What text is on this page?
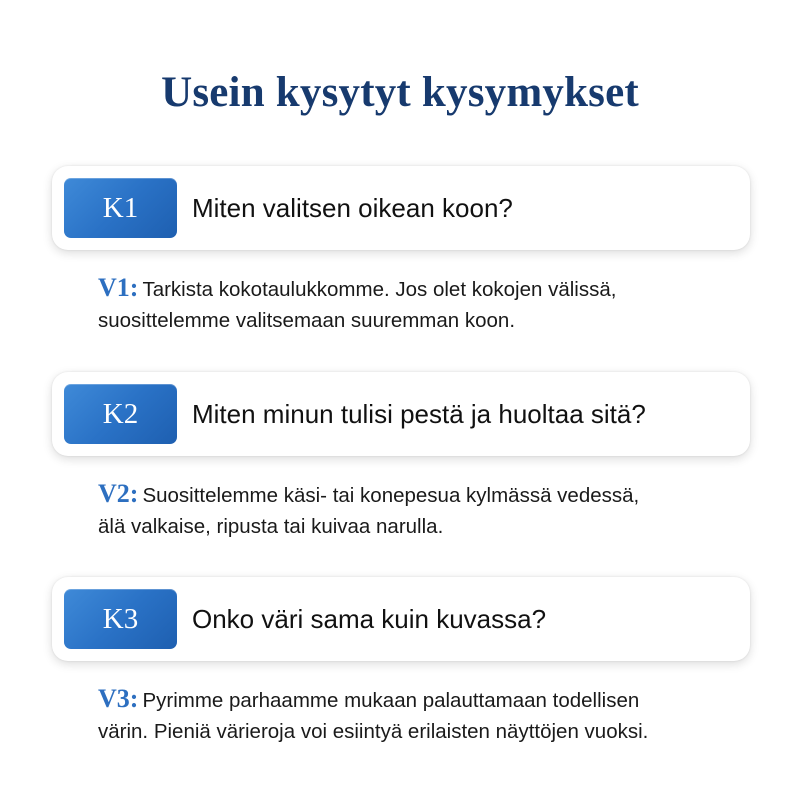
Usein kysytyt kysymykset
K1	Miten valitsen oikean koon?
V1: Tarkista kokotaulukkomme. Jos olet kokojen välissä,
suosittelemme valitsemaan suuremman koon.
K2	Miten minun tulisi pestä ja huoltaa sitä?
V2: Suosittelemme käsi- tai konepesua kylmässä vedessä,
älä valkaise, ripusta tai kuivaa narulla.
K3	Onko väri sama kuin kuvassa?
V3: Pyrimme parhaamme mukaan palauttamaan todellisen
värin. Pieniä värieroja voi esiintyä erilaisten näyttöjen vuoksi.
